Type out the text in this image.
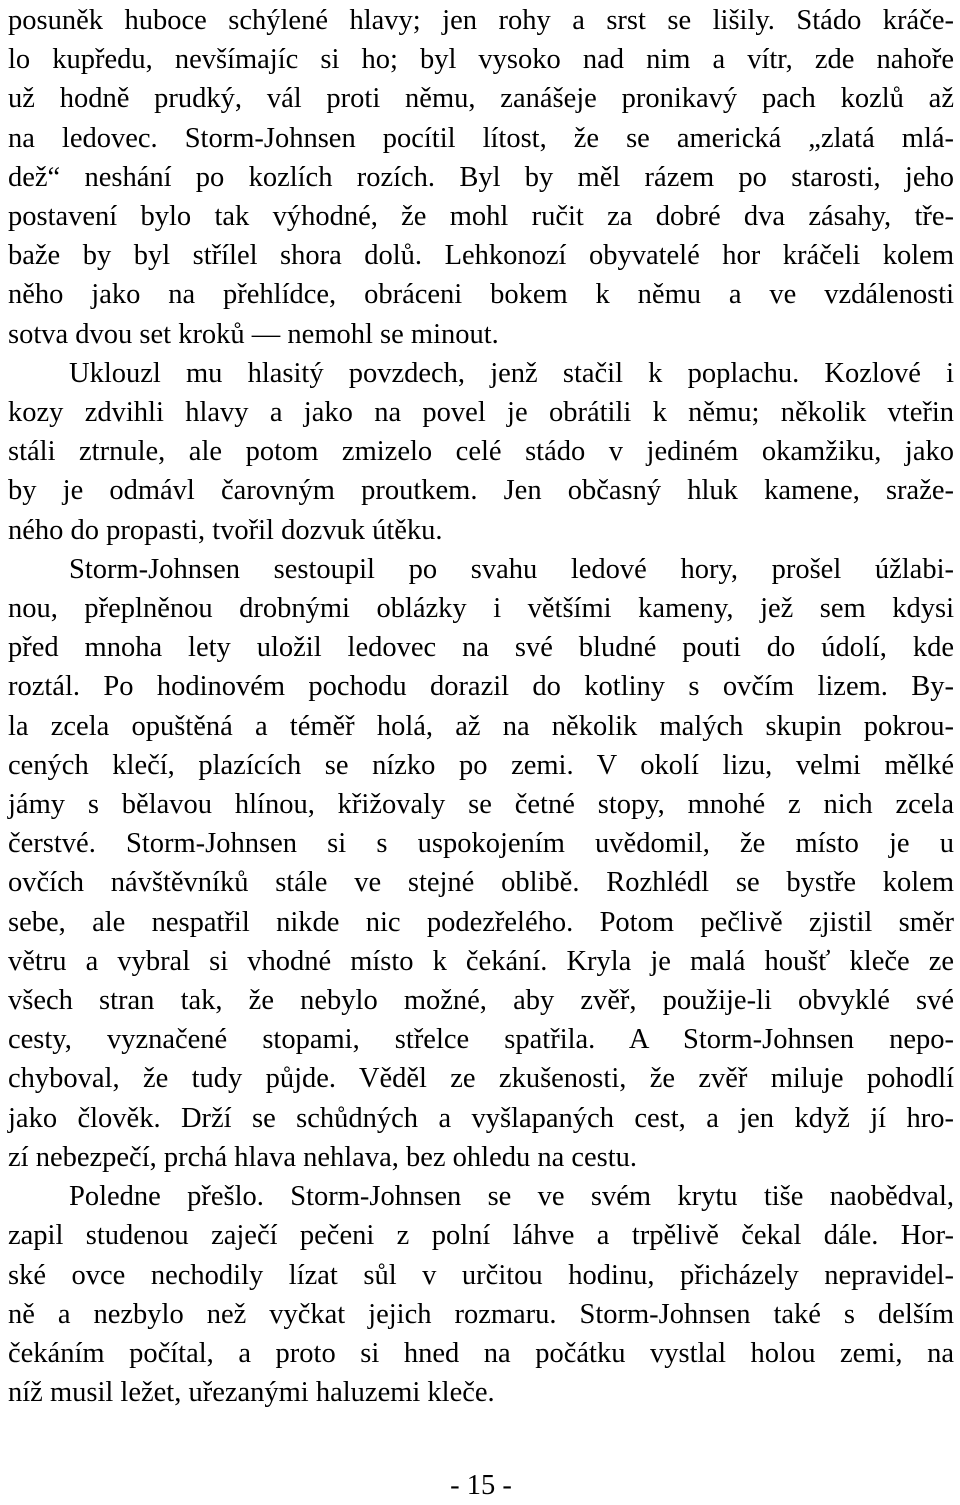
posuněk huboce schýlené hlavy; jen rohy a srst se lišily. Stádo kráče-
lo kupředu, nevšímajíc si ho; byl vysoko nad nim a vítr, zde nahoře
už hodně prudký, vál proti němu, zanášeje pronikavý pach kozlů až
na ledovec. Storm-Johnsen pocítil lítost, že se americká „zlatá mlá-
dež“ neshání po kozlích rozích. Byl by měl rázem po starosti, jeho
postavení bylo tak výhodné, že mohl ručit za dobré dva zásahy, tře-
baže by byl střílel shora dolů. Lehkonozí obyvatelé hor kráčeli kolem
něho jako na přehlídce, obráceni bokem k němu a ve vzdálenosti
sotva dvou set kroků — nemohl se minout.

Uklouzl mu hlasitý povzdech, jenž stačil k poplachu. Kozlové i
kozy zdvihli hlavy a jako na povel je obrátili k němu; několik vteřin
stáli ztrnule, ale potom zmizelo celé stádo v jediném okamžiku, jako
by je odmávl čarovným proutkem. Jen občasný hluk kamene, sraže-
ného do propasti, tvořil dozvuk útěku.

Storm-Johnsen sestoupil po svahu ledové hory, prošel úžlabi-
nou, přeplněnou drobnými oblázky i většími kameny, jež sem kdysi
před mnoha lety uložil ledovec na své bludné pouti do údolí, kde
roztál. Po hodinovém pochodu dorazil do kotliny s ovčím lizem. By-
la zcela opuštěná a téměř holá, až na několik malých skupin pokrou-
cených klečí, plazících se nízko po zemi. V okolí lizu, velmi mělké
jámy s bělavou hlínou, křižovaly se četné stopy, mnohé z nich zcela
čerstvé. Storm-Johnsen si s uspokojením uvědomil, že místo je u
ovčích návštěvníků stále ve stejné oblibě. Rozhlédl se bystře kolem
sebe, ale nespatřil nikde nic podezřelého. Potom pečlivě zjistil směr
větru a vybral si vhodné místo k čekání. Kryla je malá houšť kleče ze
všech stran tak, že nebylo možné, aby zvěř, použije-li obvyklé své
cesty, vyznačené stopami, střelce spatřila. A Storm-Johnsen nepo-
chyboval, že tudy půjde. Věděl ze zkušenosti, že zvěř miluje pohodlí
jako člověk. Drží se schůdných a vyšlapaných cest, a jen když jí hro-
zí nebezpečí, prchá hlava nehlava, bez ohledu na cestu.

Poledne přešlo. Storm-Johnsen se ve svém krytu tiše naobědval,
zapil studenou zaječí pečeni z polní láhve a trpělivě čekal dále. Hor-
ské ovce nechodily lízat sůl v určitou hodinu, přicházely nepravidel-
ně a nezbylo než vyčkat jejich rozmaru. Storm-Johnsen také s delším
čekáním počítal, a proto si hned na počátku vystlal holou zemi, na
níž musil ležet, uřezanými haluzemi kleče.

- 15 -
